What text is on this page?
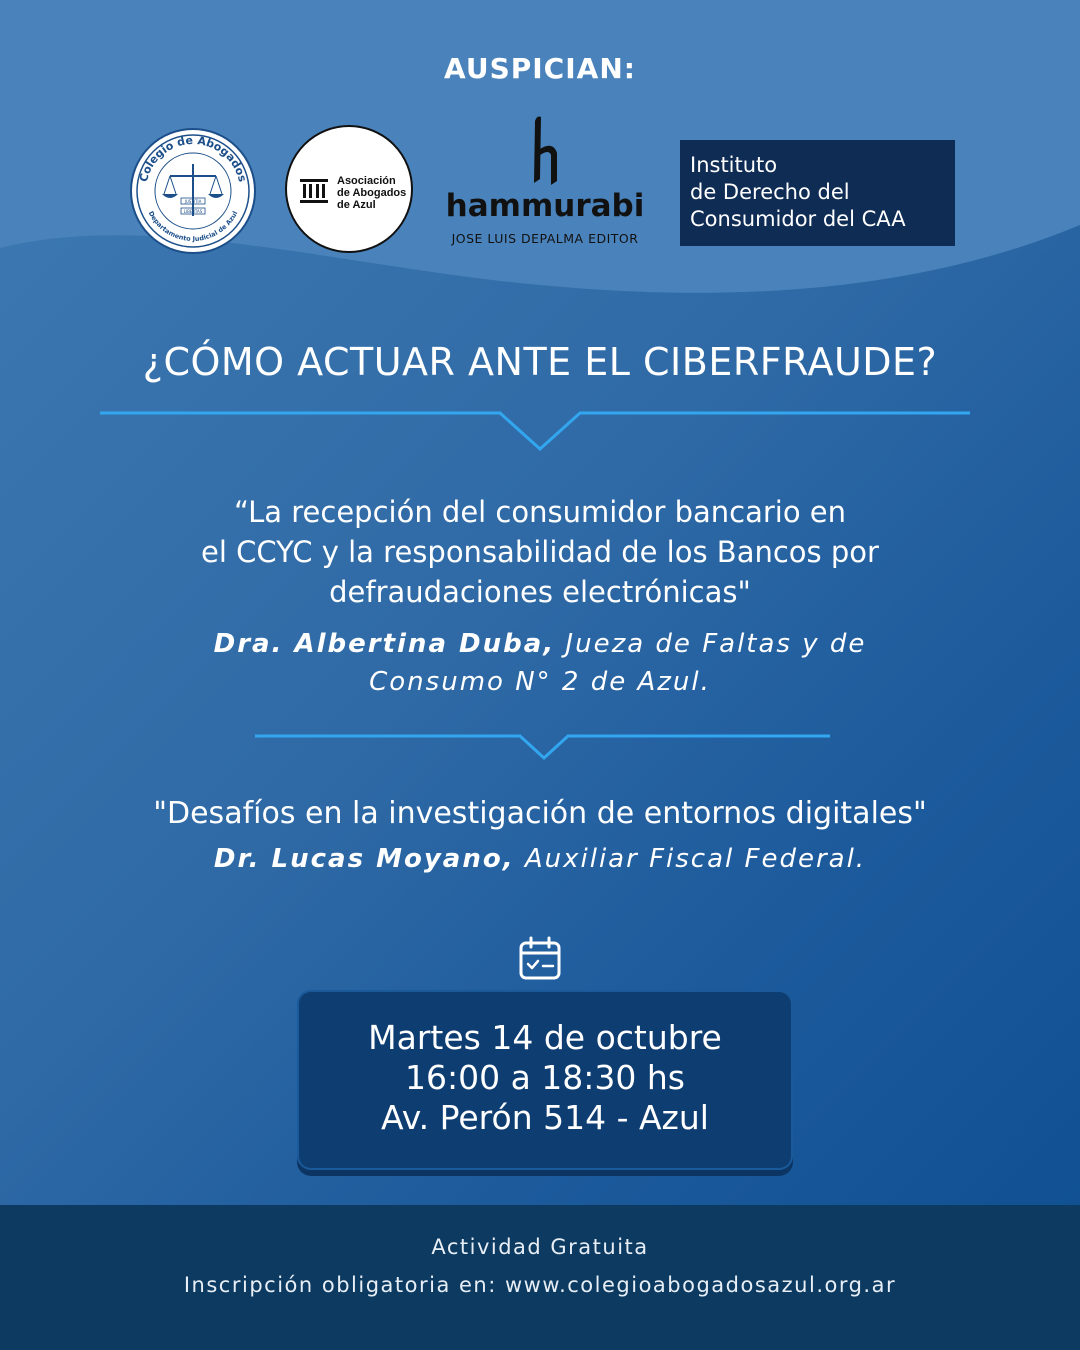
AUSPICIAN:
Colegio de Abogados
Departamento Judicial de Azul
JUSTITIA
LIBERTAS
Asociación
de Abogados
de Azul	hammurabi
JOSE LUIS DEPALMA EDITOR
Instituto
de Derecho del
Consumidor del CAA
¿CÓMO ACTUAR ANTE EL CIBERFRAUDE?
“La recepción del consumidor bancario en
el CCYC y la responsabilidad de los Bancos por
defraudaciones electrónicas"
Dra. Albertina Duba, Jueza de Faltas y de
Consumo N° 2 de Azul.
"Desafíos en la investigación de entornos digitales"
Dr. Lucas Moyano, Auxiliar Fiscal Federal.
Martes 14 de octubre
16:00 a 18:30 hs
Av. Perón 514 - Azul
Actividad Gratuita
Inscripción obligatoria en: www.colegioabogadosazul.org.ar
